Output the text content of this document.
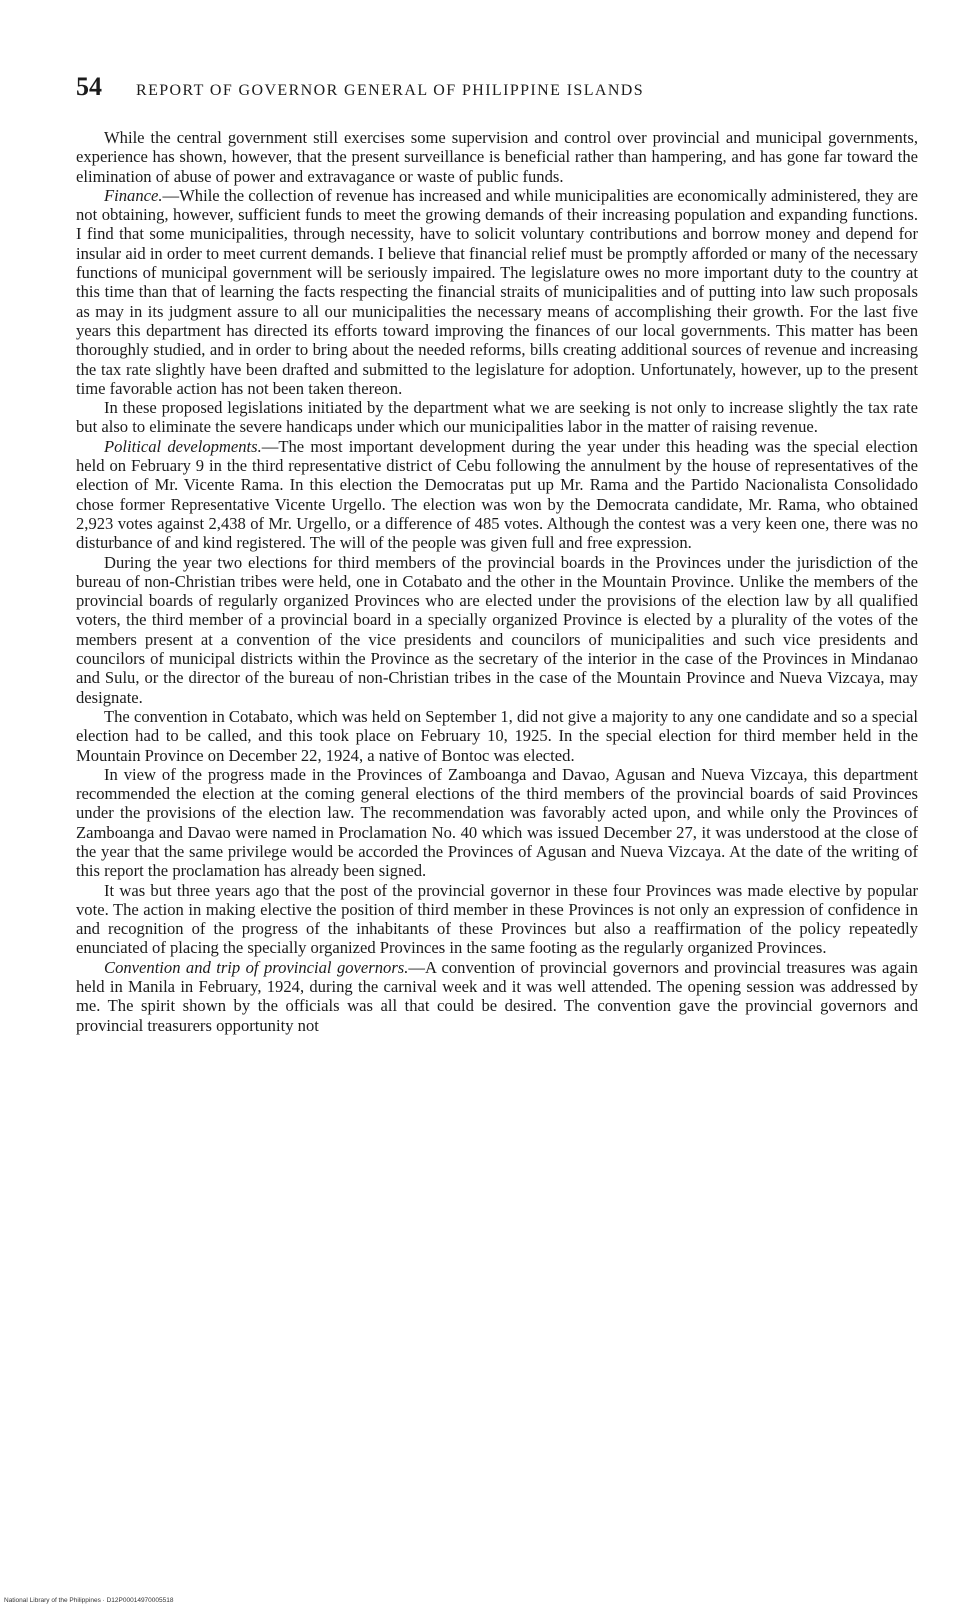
54 REPORT OF GOVERNOR GENERAL OF PHILIPPINE ISLANDS

While the central government still exercises some supervision and control over provincial and municipal governments, experience has shown, however, that the present surveillance is beneficial rather than hampering, and has gone far toward the elimination of abuse of power and extravagance or waste of public funds.

Finance.—While the collection of revenue has increased and while municipalities are economically administered, they are not obtaining, however, sufficient funds to meet the growing demands of their increasing population and expanding functions. I find that some municipalities, through necessity, have to solicit voluntary contributions and borrow money and depend for insular aid in order to meet current demands. I believe that financial relief must be promptly afforded or many of the necessary functions of municipal government will be seriously impaired. The legislature owes no more important duty to the country at this time than that of learning the facts respecting the financial straits of municipalities and of putting into law such proposals as may in its judgment assure to all our municipalities the necessary means of accomplishing their growth. For the last five years this department has directed its efforts toward improving the finances of our local governments. This matter has been thoroughly studied, and in order to bring about the needed reforms, bills creating additional sources of revenue and increasing the tax rate slightly have been drafted and submitted to the legislature for adoption. Unfortunately, however, up to the present time favorable action has not been taken thereon.

In these proposed legislations initiated by the department what we are seeking is not only to increase slightly the tax rate but also to eliminate the severe handicaps under which our municipalities labor in the matter of raising revenue.

Political developments.—The most important development during the year under this heading was the special election held on February 9 in the third representative district of Cebu following the annulment by the house of representatives of the election of Mr. Vicente Rama. In this election the Democratas put up Mr. Rama and the Partido Nacionalista Consolidado chose former Representative Vicente Urgello. The election was won by the Democrata candidate, Mr. Rama, who obtained 2,923 votes against 2,438 of Mr. Urgello, or a difference of 485 votes. Although the contest was a very keen one, there was no disturbance of and kind registered. The will of the people was given full and free expression.

During the year two elections for third members of the provincial boards in the Provinces under the jurisdiction of the bureau of non-Christian tribes were held, one in Cotabato and the other in the Mountain Province. Unlike the members of the provincial boards of regularly organized Provinces who are elected under the provisions of the election law by all qualified voters, the third member of a provincial board in a specially organized Province is elected by a plurality of the votes of the members present at a convention of the vice presidents and councilors of municipalities and such vice presidents and councilors of municipal districts within the Province as the secretary of the interior in the case of the Provinces in Mindanao and Sulu, or the director of the bureau of non-Christian tribes in the case of the Mountain Province and Nueva Vizcaya, may designate.

The convention in Cotabato, which was held on September 1, did not give a majority to any one candidate and so a special election had to be called, and this took place on February 10, 1925. In the special election for third member held in the Mountain Province on December 22, 1924, a native of Bontoc was elected.

In view of the progress made in the Provinces of Zamboanga and Davao, Agusan and Nueva Vizcaya, this department recommended the election at the coming general elections of the third members of the provincial boards of said Provinces under the provisions of the election law. The recommendation was favorably acted upon, and while only the Provinces of Zamboanga and Davao were named in Proclamation No. 40 which was issued December 27, it was understood at the close of the year that the same privilege would be accorded the Provinces of Agusan and Nueva Vizcaya. At the date of the writing of this report the proclamation has already been signed.

It was but three years ago that the post of the provincial governor in these four Provinces was made elective by popular vote. The action in making elective the position of third member in these Provinces is not only an expression of confidence in and recognition of the progress of the inhabitants of these Provinces but also a reaffirmation of the policy repeatedly enunciated of placing the specially organized Provinces in the same footing as the regularly organized Provinces.

Convention and trip of provincial governors.—A convention of provincial governors and provincial treasures was again held in Manila in February, 1924, during the carnival week and it was well attended. The opening session was addressed by me. The spirit shown by the officials was all that could be desired. The convention gave the provincial governors and provincial treasurers opportunity not

National Library of the Philippines · D12P00014970005518
